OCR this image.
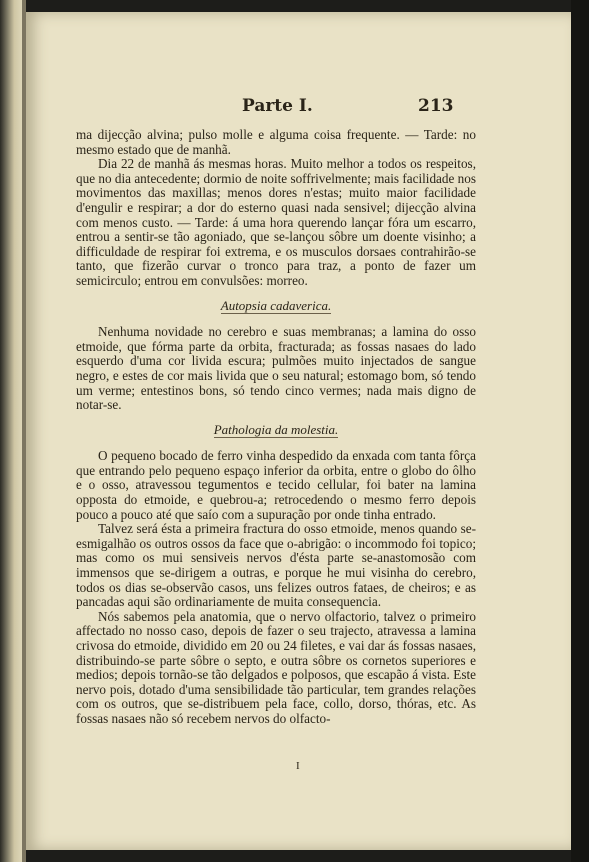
Parte I.	213

ma dijecção alvina; pulso molle e alguma coisa frequente. — Tarde: no mesmo estado que de manhã.

Dia 22 de manhã ás mesmas horas. Muito melhor a todos os respeitos, que no dia antecedente; dormio de noite soffrivelmente; mais facilidade nos movimentos das maxillas; menos dores n'estas; muito maior facilidade d'engulir e respirar; a dor do esterno quasi nada sensivel; dijecção alvina com menos custo. — Tarde: á uma hora querendo lançar fóra um escarro, entrou a sentir-se tão agoniado, que se-lançou sôbre um doente visinho; a difficuldade de respirar foi extrema, e os musculos dorsaes contrahirão-se tanto, que fizerão curvar o tronco para traz, a ponto de fazer um semicirculo; entrou em convulsões: morreo.

Autopsia cadaverica.

Nenhuma novidade no cerebro e suas membranas; a lamina do osso etmoide, que fórma parte da orbita, fracturada; as fossas nasaes do lado esquerdo d'uma cor livida escura; pulmões muito injectados de sangue negro, e estes de cor mais livida que o seu natural; estomago bom, só tendo um verme; entestinos bons, só tendo cinco vermes; nada mais digno de notar-se.

Pathologia da molestia.

O pequeno bocado de ferro vinha despedido da enxada com tanta fôrça que entrando pelo pequeno espaço inferior da orbita, entre o globo do ôlho e o osso, atravessou tegumentos e tecido cellular, foi bater na lamina opposta do etmoide, e quebrou-a; retrocedendo o mesmo ferro depois pouco a pouco até que saío com a supuração por onde tinha entrado.

Talvez será ésta a primeira fractura do osso etmoide, menos quando se-esmigalhão os outros ossos da face que o-abrigão: o incommodo foi topico; mas como os mui sensiveis nervos d'ésta parte se-anastomosão com immensos que se-dirigem a outras, e porque he mui visinha do cerebro, todos os dias se-observão casos, uns felizes outros fataes, de cheiros; e as pancadas aqui são ordinariamente de muita consequencia.

Nós sabemos pela anatomia, que o nervo olfactorio, talvez o primeiro affectado no nosso caso, depois de fazer o seu trajecto, atravessa a lamina crivosa do etmoide, dividido em 20 ou 24 filetes, e vai dar ás fossas nasaes, distribuindo-se parte sôbre o septo, e outra sôbre os cornetos superiores e medios; depois tornão-se tão delgados e polposos, que escapão á vista. Este nervo pois, dotado d'uma sensibilidade tão particular, tem grandes relações com os outros, que se-distribuem pela face, collo, dorso, thóras, etc. As fossas nasaes não só recebem nervos do olfacto-

I
